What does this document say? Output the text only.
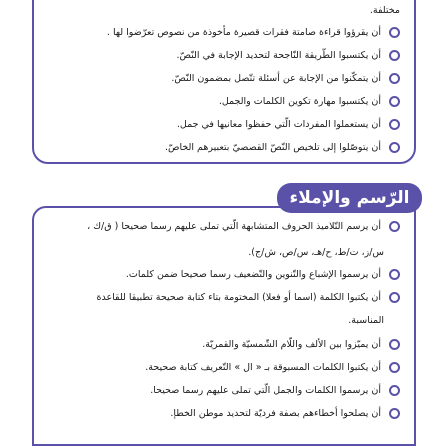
مختلفة.
أن يقرؤوا قراءة صامتة فقرات قصيرة مأخوذة من نصوص تعرّضوا لها .
أن يكتسبوا الطّريقة النّاجحة لتحديد الإجابة في النّصّ.
أن يتمكّنوا من الإجابة عن أسئلة تتّصل بمضمون النّصّ.
أن يكتسبوا مهارة تكوين الكلمات والجمل.
أن يستعملوا المفردات الّتي حفظوا معانيها في جمل.
أن يتوصّلوا إلى تلخيص النّصّ القصصيّ بتعبيرهم الخاصّ.
الرّسم والإملاء
أن يرسم التّلاميذ الحروف المتشابهة الّتي تملى عليهم رسما صحيحا ( ق/ك ،
س/ز، ت/ط، ح/هـ، س/ص، ش/ج).
أن يرسموا الإشباع والتّنوين والتّضعيف رسما صحيحا ضمن كلمات.
أن يكتبوا الكلمة (اسما أو فعلا) المختومة بتاء كتابة صحيحة تطبيقا للقاعدة
المناسبة.
أن يميّزوا بين الألف واللّام الشّمسيّة والقمريّة.
أن يكتبوا الكلمات المسبوقة بـ « ال » التّعريف كتابة صحيحة.
أن يرسموا الكلمات والجمل الّتي تملى عليهم رسما صحيحا.
أن يصلحوا أخطاءهم بصفة فرديّة لتحديد موطن الخطإ.
